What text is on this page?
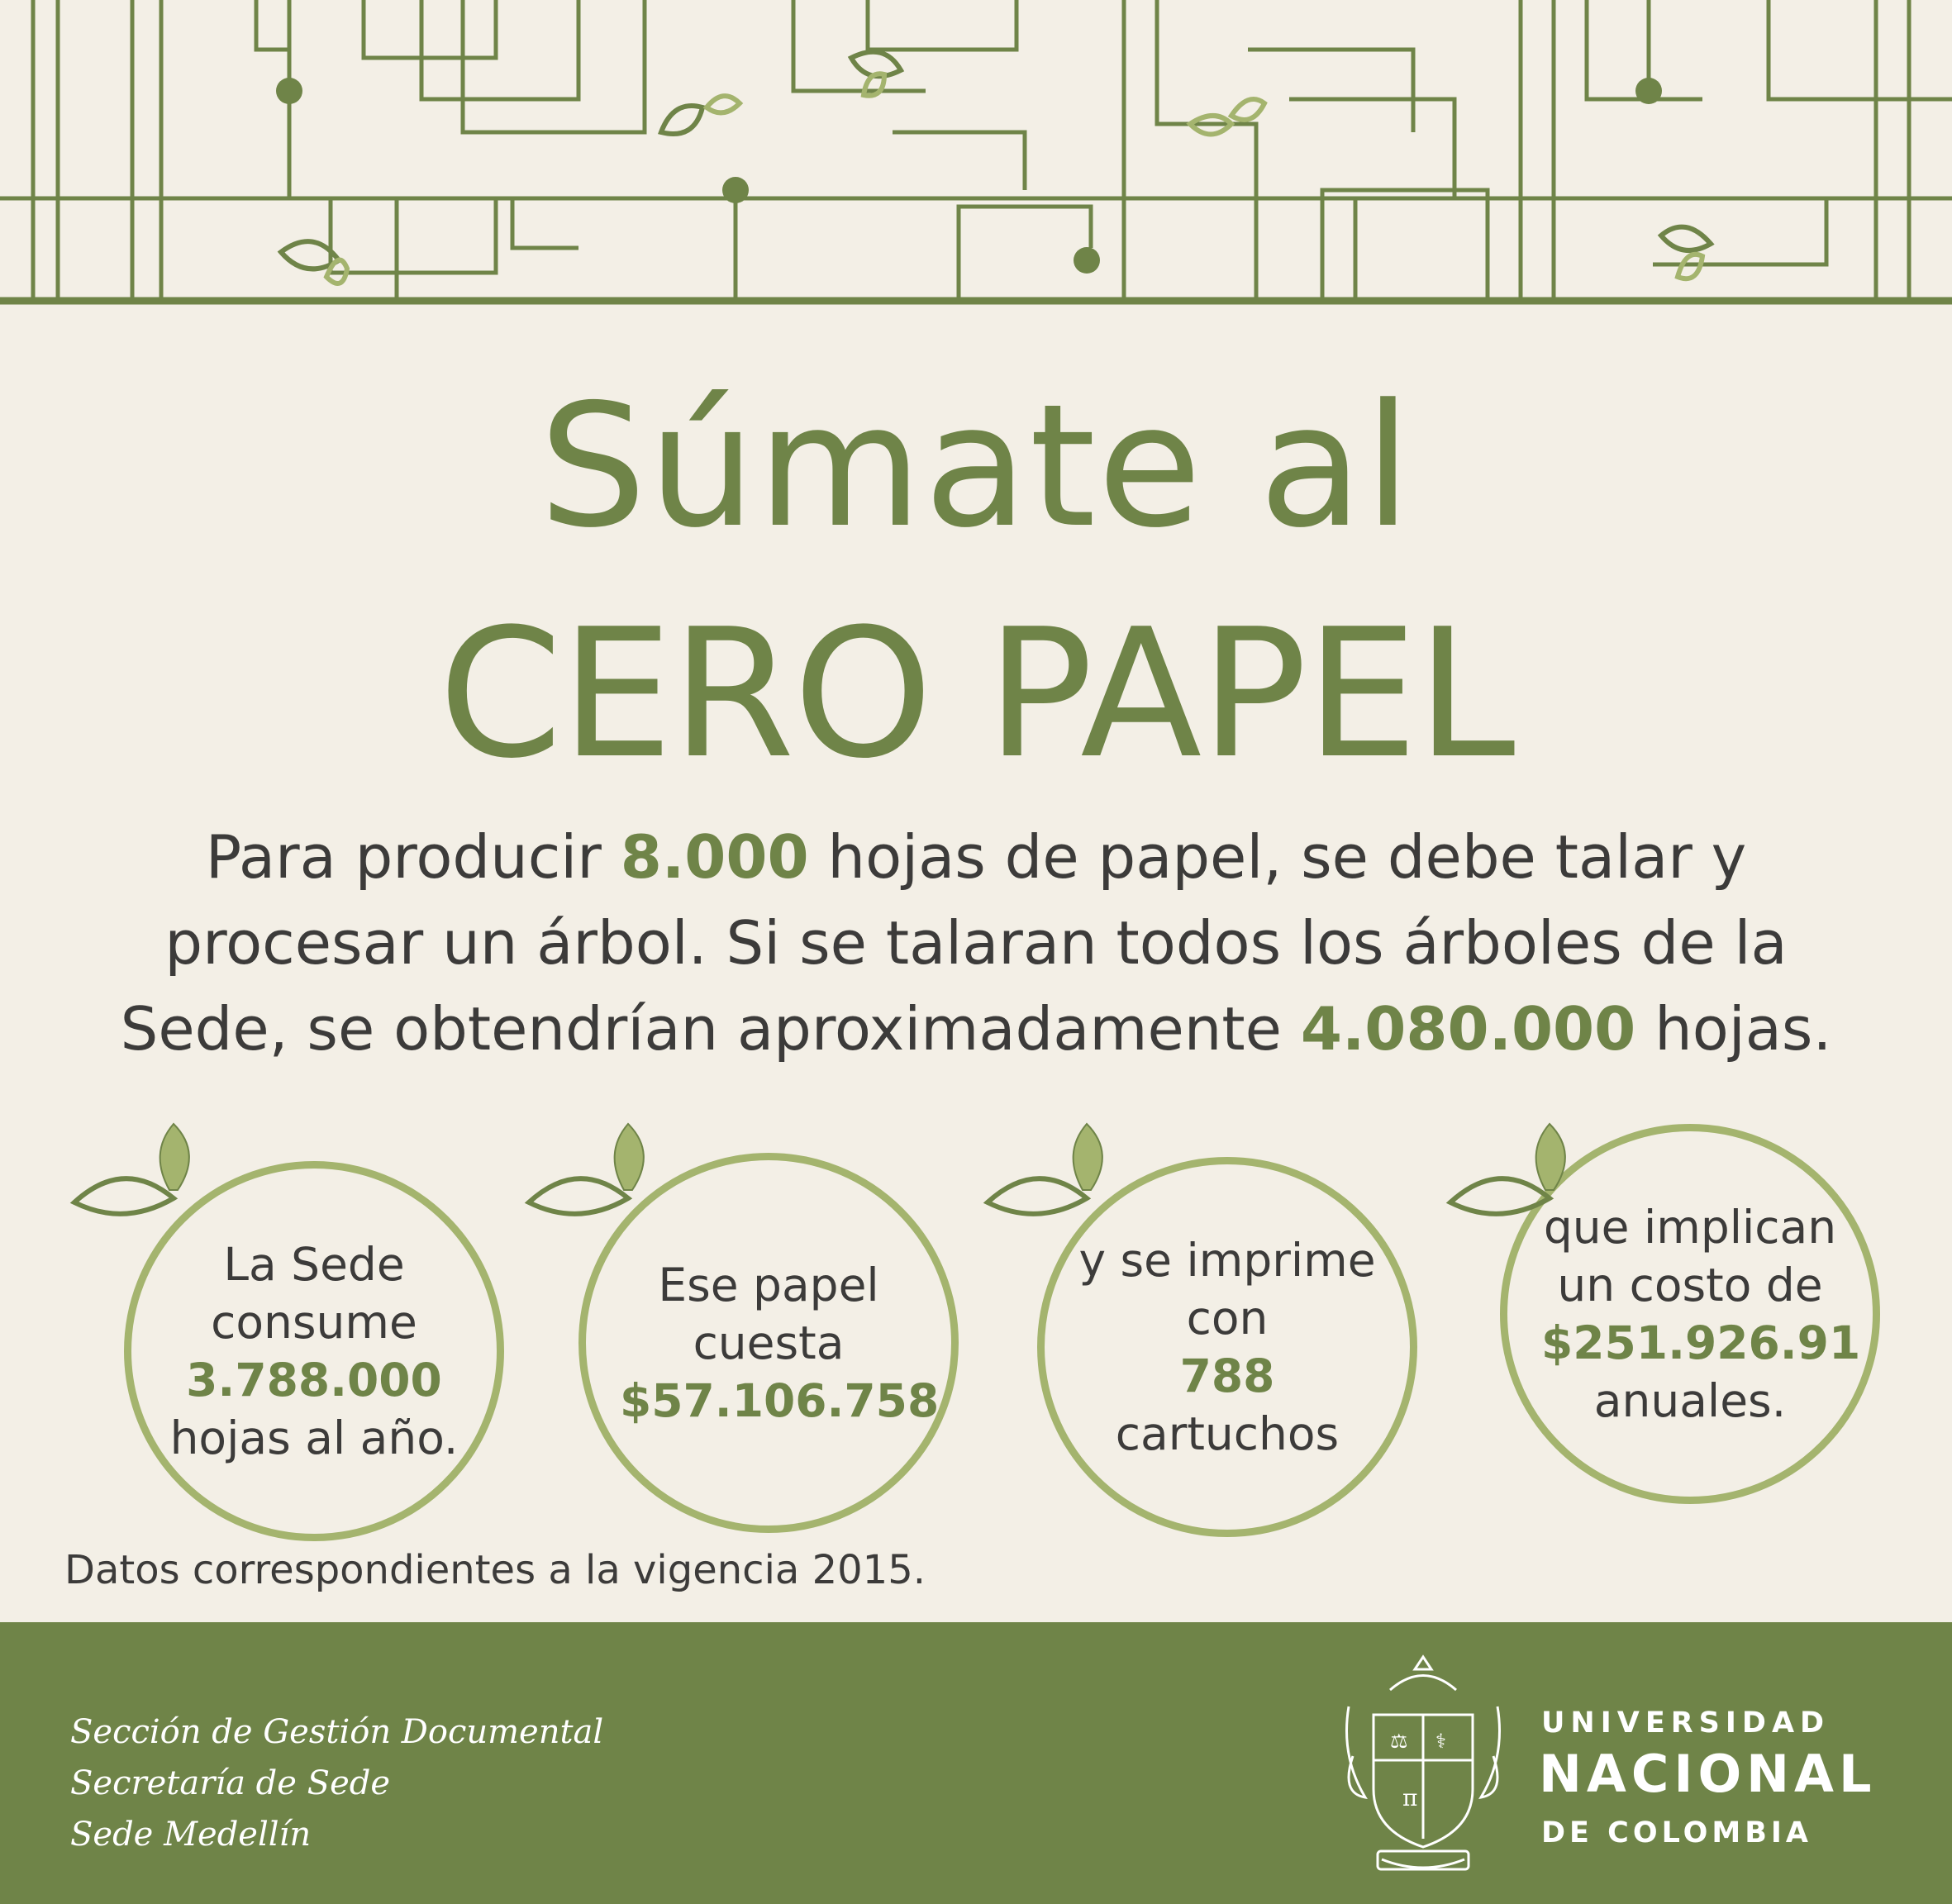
Súmate al
CERO PAPEL
Para producir 8.000 hojas de papel, se debe talar y procesar un árbol. Si se talaran todos los árboles de la Sede, se obtendrían aproximadamente 4.080.000 hojas.
La Sede consume
3.788.000
hojas al año.
Ese papel cuesta
$57.106.758
y se imprime con
788
cartuchos
que implican un costo de
$251.926.91
anuales.
Datos correspondientes a la vigencia 2015.
Sección de Gestión Documental
Secretaría de Sede
Sede Medellín
π
⚖ ⚕
UNIVERSIDAD
NACIONAL
DE COLOMBIA
